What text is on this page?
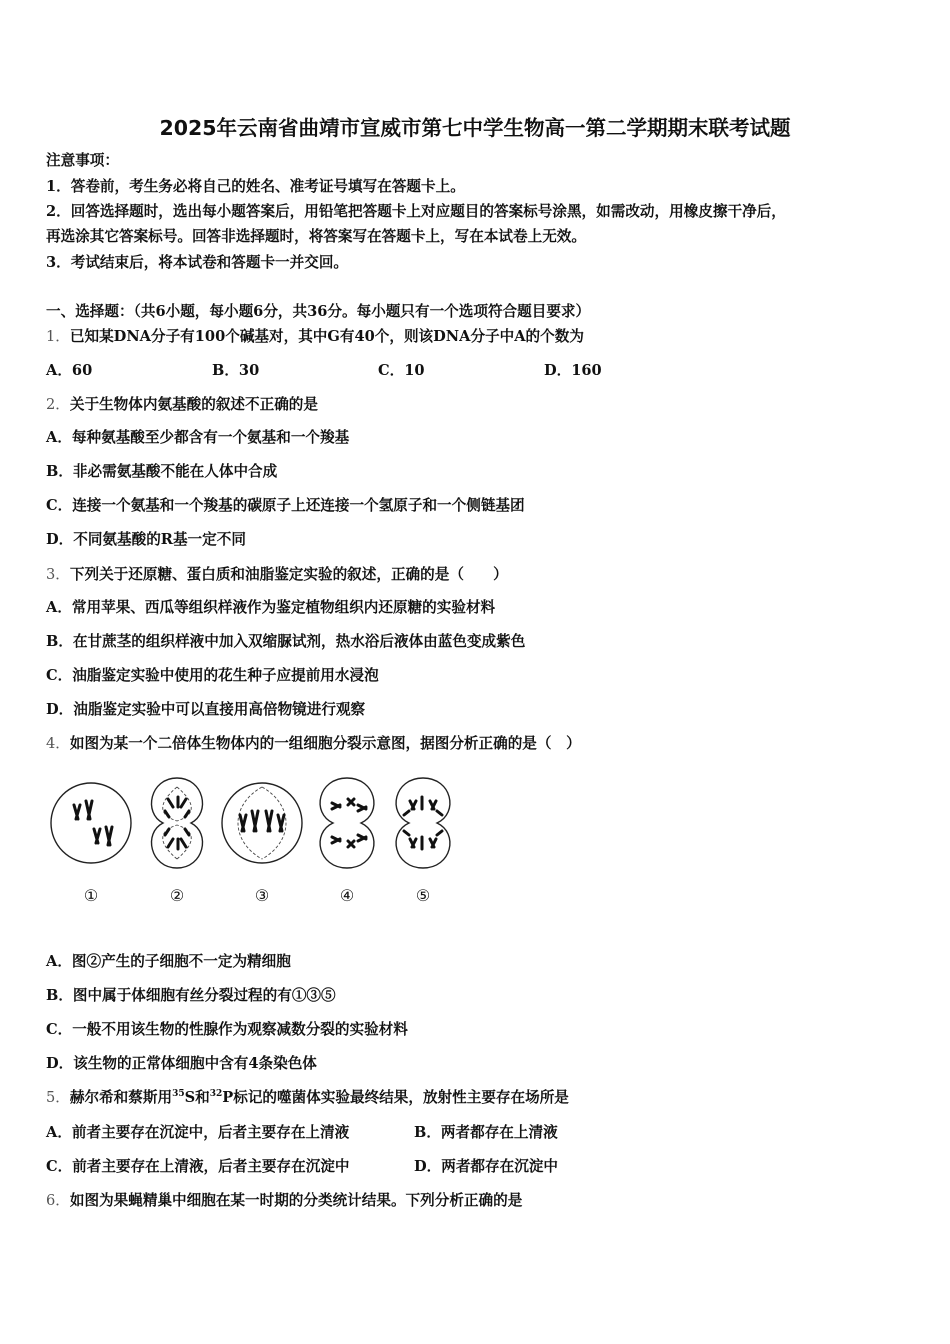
2025年云南省曲靖市宣威市第七中学生物高一第二学期期末联考试题
注意事项：
1．答卷前，考生务必将自己的姓名、准考证号填写在答题卡上。
2．回答选择题时，选出每小题答案后，用铅笔把答题卡上对应题目的答案标号涂黑，如需改动，用橡皮擦干净后，
再选涂其它答案标号。回答非选择题时，将答案写在答题卡上，写在本试卷上无效。
3．考试结束后，将本试卷和答题卡一并交回。
一、选择题：（共6小题，每小题6分，共36分。每小题只有一个选项符合题目要求）
1．已知某DNA分子有100个碱基对，其中G有40个，则该DNA分子中A的个数为
A．60	B．30	C．10	D．160
2．关于生物体内氨基酸的叙述不正确的是
A．每种氨基酸至少都含有一个氨基和一个羧基
B．非必需氨基酸不能在人体中合成
C．连接一个氨基和一个羧基的碳原子上还连接一个氢原子和一个侧链基团
D．不同氨基酸的R基一定不同
3．下列关于还原糖、蛋白质和油脂鉴定实验的叙述，正确的是（　　）
A．常用苹果、西瓜等组织样液作为鉴定植物组织内还原糖的实验材料
B．在甘蔗茎的组织样液中加入双缩脲试剂，热水浴后液体由蓝色变成紫色
C．油脂鉴定实验中使用的花生种子应提前用水浸泡
D．油脂鉴定实验中可以直接用高倍物镜进行观察
4．如图为某一个二倍体生物体内的一组细胞分裂示意图，据图分析正确的是（　）
①	②	③	④	⑤
A．图②产生的子细胞不一定为精细胞
B．图中属于体细胞有丝分裂过程的有①③⑤
C．一般不用该生物的性腺作为观察减数分裂的实验材料
D．该生物的正常体细胞中含有4条染色体
5．赫尔希和蔡斯用$^{35}$S和$^{32}$P标记的噬菌体实验最终结果，放射性主要存在场所是
A．前者主要存在沉淀中，后者主要存在上清液	B．两者都存在上清液
C．前者主要存在上清液，后者主要存在沉淀中	D．两者都存在沉淀中
6．如图为果蝇精巢中细胞在某一时期的分类统计结果。下列分析正确的是
